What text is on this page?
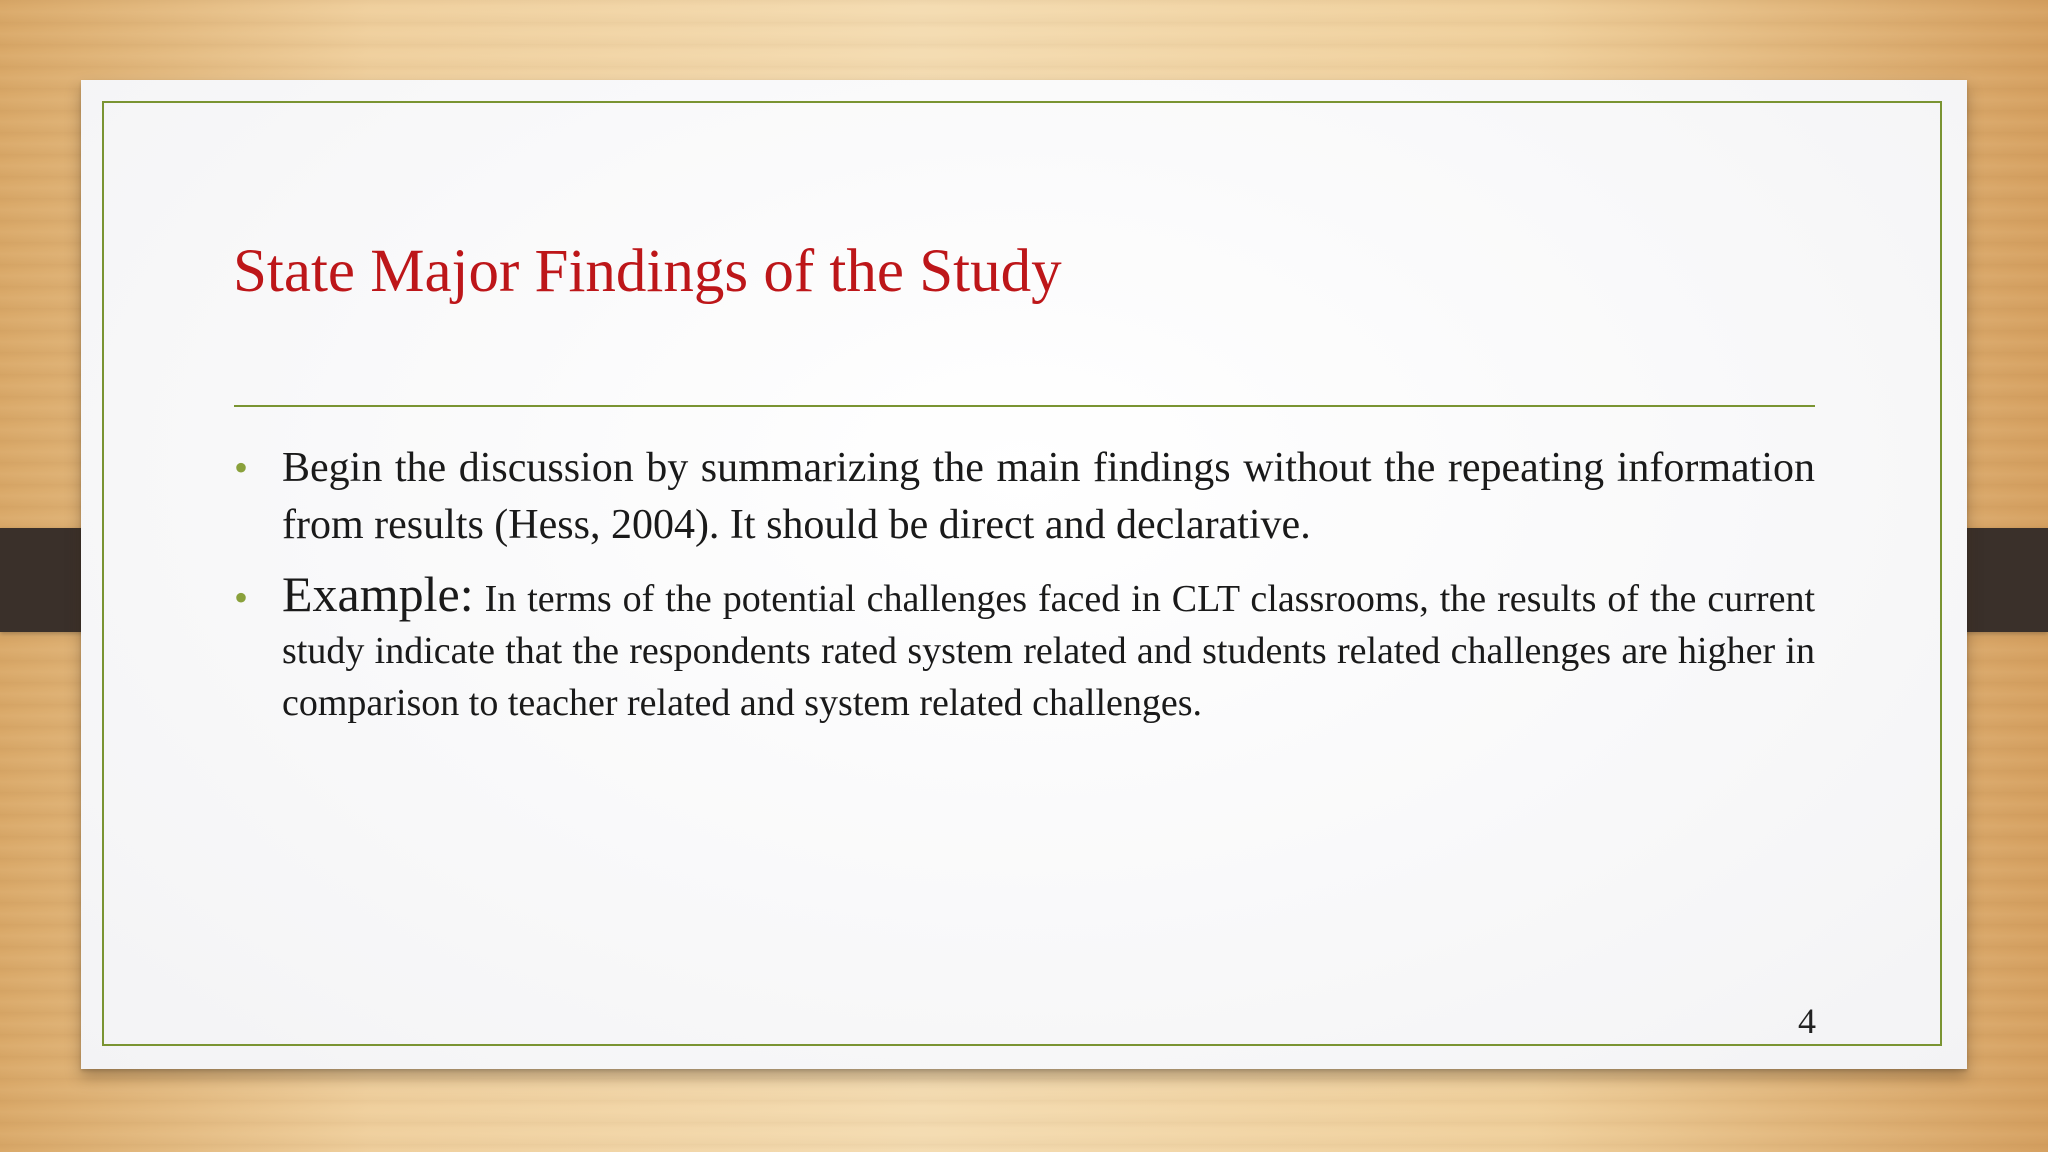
State Major Findings of the Study
• Begin the discussion by summarizing the main findings without the repeating information from results (Hess, 2004). It should be direct and declarative.
• Example: In terms of the potential challenges faced in CLT classrooms, the results of the current study indicate that the respondents rated system related and students related challenges are higher in comparison to teacher related and system related challenges.
4
